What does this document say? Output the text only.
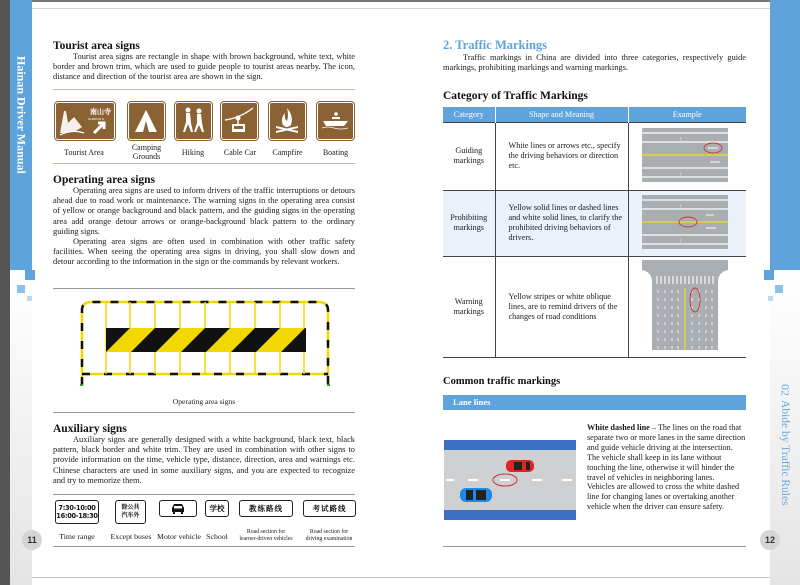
Hainan Driver Manual
02
Abide by Traffic Rules
11	12
Tourist area signs
Tourist area signs are rectangle in shape with brown background, white text, white border and brown trim, which are used to guide people to tourist areas nearby. The icon, distance and direction of the tourist area are shown in the sign.
南山寺
NANSHAN SI
Tourist Area
Camping Grounds	Hiking	Cable Car	Campfire	Boating
Operating area signs
Operating area signs are used to inform drivers of the traffic interruptions or detours ahead due to road work or maintenance. The warning signs in the operating area consist of yellow or orange background and black pattern, and the guiding signs in the operating area add orange detour arrows or orange-background black pattern to the ordinary guiding signs.
Operating area signs are often used in combination with other traffic safety facilities. When seeing the operating area signs in driving, you shall slow down and detour according to the information in the sign or the commands by relevant workers.
Operating area signs
Auxiliary signs
Auxiliary signs are generally designed with a white background, black text, black pattern, black border and white trim. They are used in combination with other signs to provide information on the time, vehicle type, distance, direction, area and warnings etc. Chinese characters are used in some auxiliary signs, and you are expected to recognize and try to memorize them.
7:30-10:00
16:00-18:30
除公共
汽车外
学校	教练路线	考试路线
Time range	Except buses Motor vehicle School	Road section for
learner-driven vehicles
Road section for
driving examination
2. Traffic Markings
Traffic markings in China are divided into three categories, respectively guide markings, prohibiting markings and warning markings.
Category of Traffic Markings
Category	Shape and Meaning	Example

Guiding
markings
	White lines or arrows etc., specify the driving behaviors or direction etc.	
⟨
⟩

Prohibiting
markings
	Yellow solid lines or dashed lines and white solid lines, to clarify the prohibited driving behaviors of drivers.	
⟨
⟩

Warning
markings	Yellow stripes or white oblique lines, are to remind drivers of the changes of road conditions	
Common traffic markings
Lane lines
White dashed line – The lines on the road that separate two or more lanes in the same direction and guide vehicle driving at the intersection.
The vehicle shall keep in its lane without touching the line, otherwise it will hinder the travel of vehicles in neighboring lanes.
Vehicles are allowed to cross the white dashed line for changing lanes or overtaking another vehicle when the driver can ensure safety.
